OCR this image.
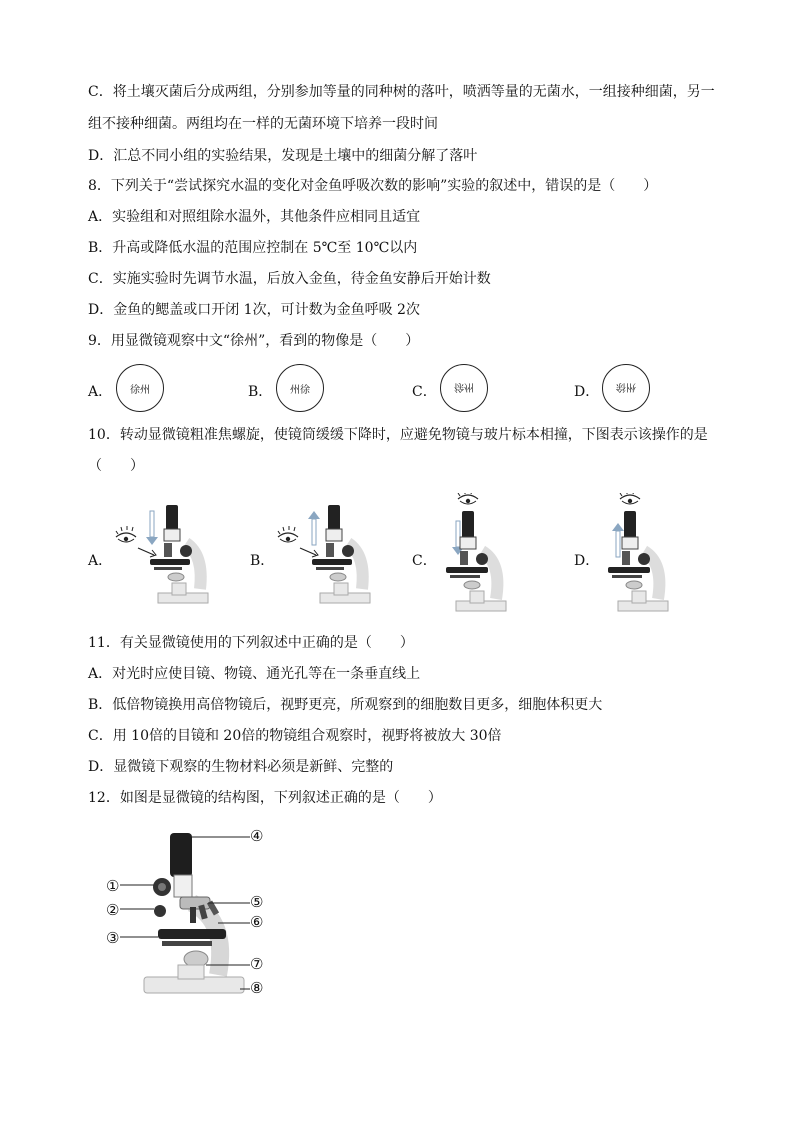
C．将土壤灭菌后分成两组，分别参加等量的同种树的落叶，喷洒等量的无菌水，一组接种细菌，另一
组不接种细菌。两组均在一样的无菌环境下培养一段时间
D．汇总不同小组的实验结果，发现是土壤中的细菌分解了落叶
8．下列关于“尝试探究水温的变化对金鱼呼吸次数的影响”实验的叙述中，错误的是（　　）
A．实验组和对照组除水温外，其他条件应相同且适宜
B．升高或降低水温的范围应控制在 5℃至 10℃以内
C．实施实验时先调节水温，后放入金鱼，待金鱼安静后开始计数
D．金鱼的鳃盖或口开闭 1次，可计数为金鱼呼吸 2次
9．用显微镜观察中文“徐州”，看到的物像是（　　）
A． 徐州	B． 州徐	C． 徐州	D． 州徐
10．转动显微镜粗准焦螺旋，使镜筒缓缓下降时，应避免物镜与玻片标本相撞，下图表示该操作的是
（　　）
A．	B．	C．	D．
11．有关显微镜使用的下列叙述中正确的是（　　）
A．对光时应使目镜、物镜、通光孔等在一条垂直线上
B．低倍物镜换用高倍物镜后，视野更亮，所观察到的细胞数目更多，细胞体积更大
C．用 10倍的目镜和 20倍的物镜组合观察时，视野将被放大 30倍
D．显微镜下观察的生物材料必须是新鲜、完整的
12．如图是显微镜的结构图，下列叙述正确的是（　　）
①
②
③
④
⑤
⑥
⑦
⑧
